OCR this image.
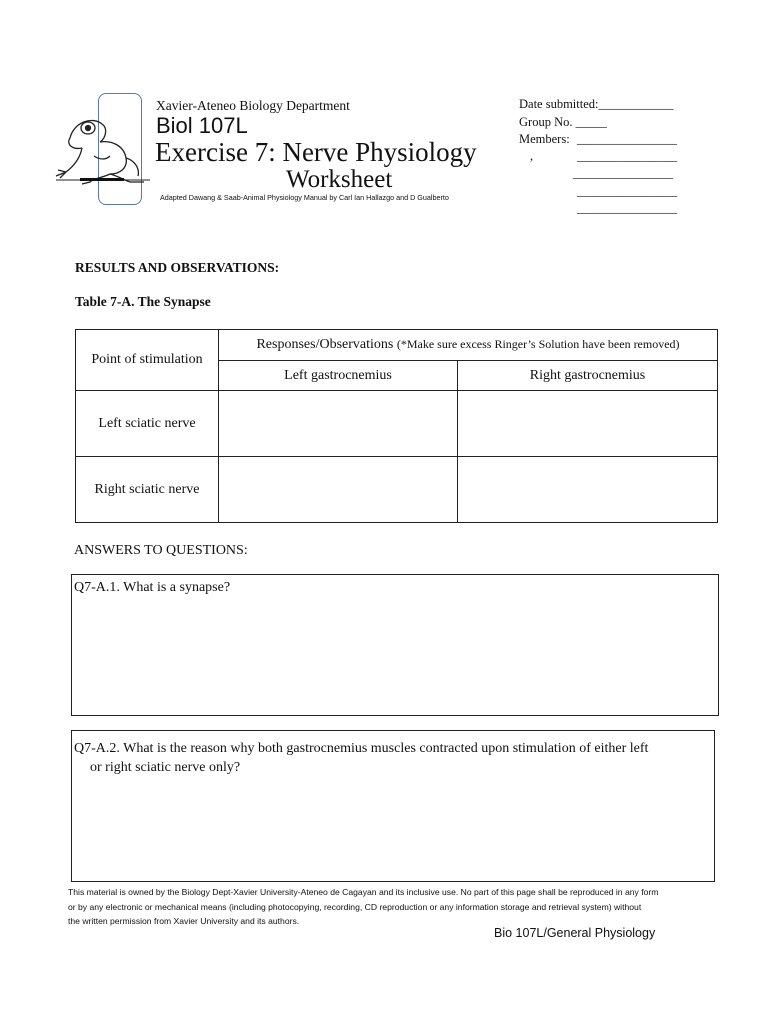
Xavier-Ateneo Biology Department
Biol 107L
Exercise 7: Nerve Physiology
Worksheet
Adapted Dawang & Saab-Animal Physiology Manual by Carl Ian Hallazgo and D Gualberto
Date submitted:____________
Group No. _____
Members: ________________
________________
,
________________
________________
________________
RESULTS AND OBSERVATIONS:
Table 7-A. The Synapse
Point of stimulation	Responses/Observations (*Make sure excess Ringer’s Solution have been removed)	
	Left gastrocnemius	Right gastrocnemius
Left sciatic nerve		
Right sciatic nerve		
ANSWERS TO QUESTIONS:
Q7-A.1. What is a synapse?
Q7-A.2. What is the reason why both gastrocnemius muscles contracted upon stimulation of either left
or right sciatic nerve only?
This material is owned by the Biology Dept-Xavier University-Ateneo de Cagayan and its inclusive use. No part of this page shall be reproduced in any form
or by any electronic or mechanical means (including photocopying, recording, CD reproduction or any information storage and retrieval system) without
the written permission from Xavier University and its authors.
Bio 107L/General Physiology
